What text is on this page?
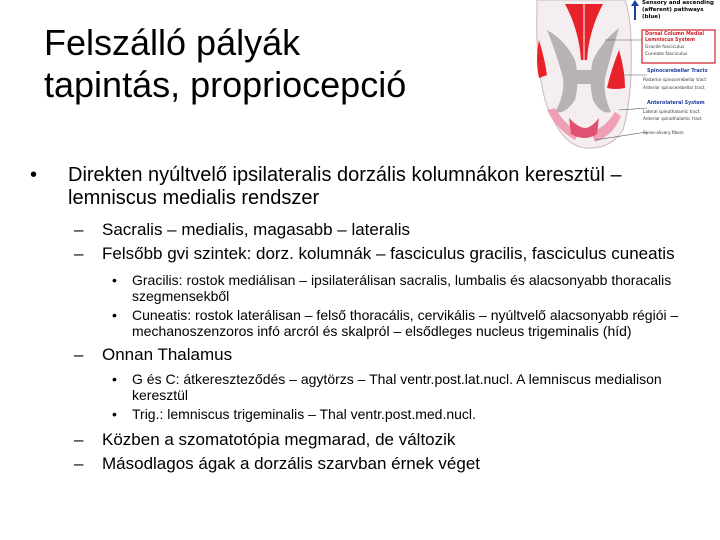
Felszálló pályák
tapintás, propriocepció
Sensory and ascending
(afferent) pathways
(blue)
Dorsal Column Medial
Lemniscus System
Gracile fasciculus
Cuneate fasciculus
Spinocerebellar Tracts
Posterior spinocerebellar tract
Anterior spinocerebellar tract
Anterolateral System
Lateral spinothalamic tract
Anterior spinothalamic tract
Spino-olivary fibers

• Direkten nyúltvelő ipsilateralis dorzális kolumnákon keresztül – lemniscus medialis rendszer

– Sacralis – medialis, magasabb – lateralis

– Felsőbb gvi szintek: dorz. kolumnák – fasciculus gracilis, fasciculus cuneatis

• Gracilis: rostok mediálisan – ipsilaterálisan sacralis, lumbalis és alacsonyabb thoracalis szegmensekből

• Cuneatis: rostok laterálisan – felső thoracális, cervikális – nyúltvelő alacsonyabb régiói – mechanoszenzoros infó arcról és skalpról – elsődleges nucleus trigeminalis (híd)

– Onnan Thalamus

• G és C: átkereszteződés – agytörzs – Thal ventr.post.lat.nucl. A lemniscus medialison keresztül

• Trig.: lemniscus trigeminalis – Thal ventr.post.med.nucl.

– Közben a szomatotópia megmarad, de változik

– Másodlagos ágak a dorzális szarvban érnek véget
